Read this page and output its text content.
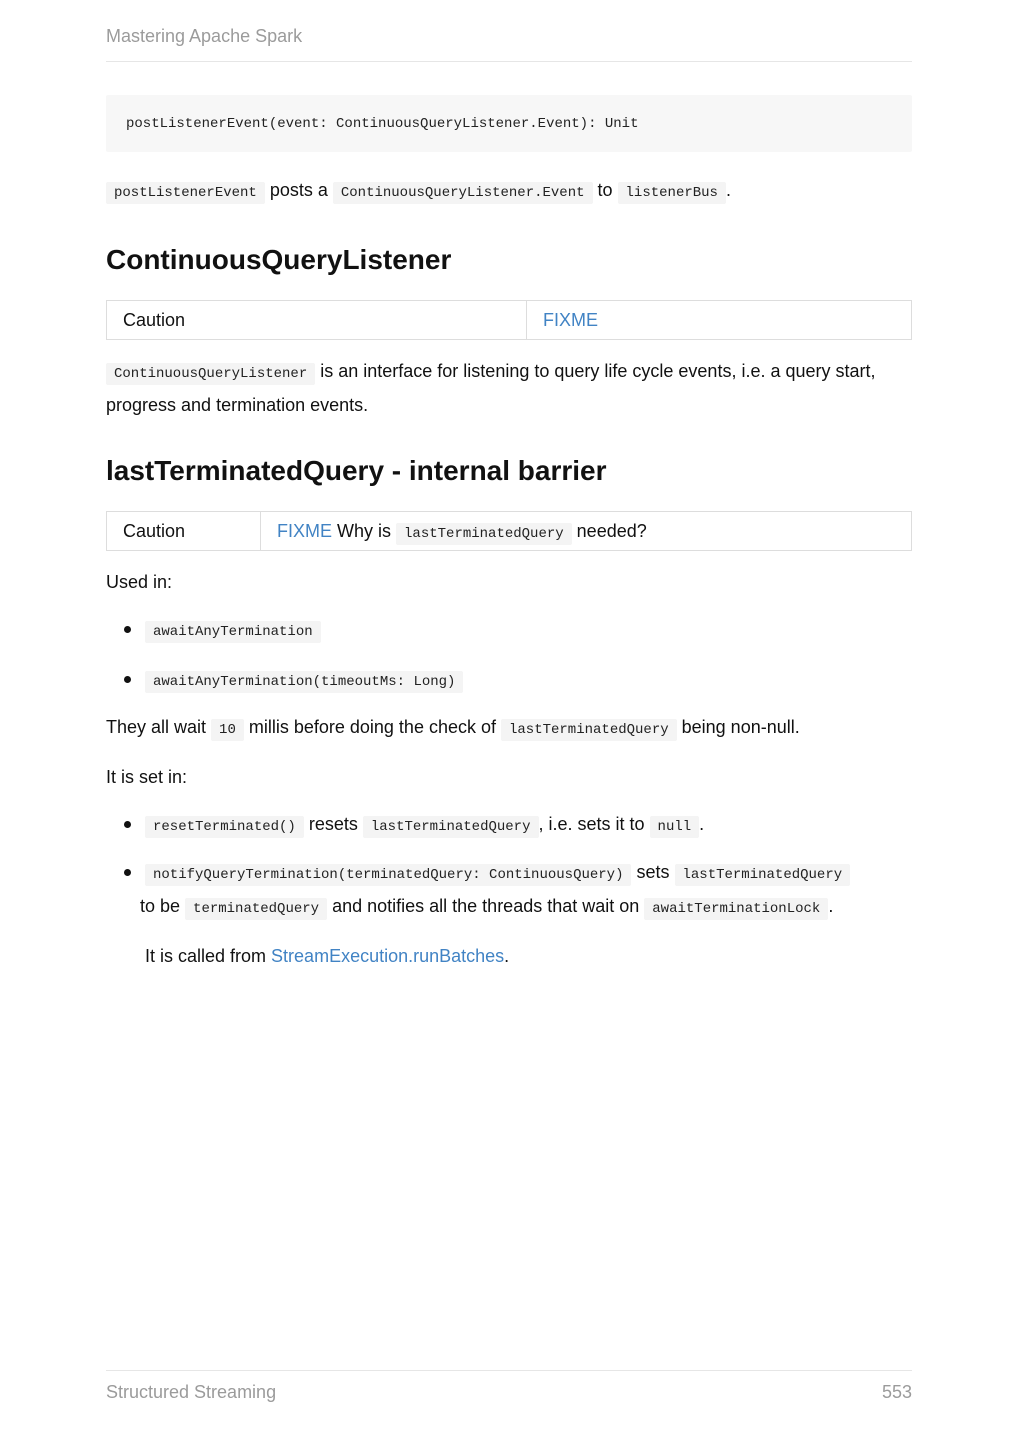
Mastering Apache Spark
postListenerEvent(event: ContinuousQueryListener.Event): Unit

postListenerEvent posts a ContinuousQueryListener.Event to listenerBus .

ContinuousQueryListener
Caution	FIXME

ContinuousQueryListener is an interface for listening to query life cycle events, i.e. a query start, progress and termination events.

lastTerminatedQuery - internal barrier
Caution	FIXME Why is lastTerminatedQuery needed?

Used in:

awaitAnyTermination
awaitAnyTermination(timeoutMs: Long)

They all wait 10 millis before doing the check of lastTerminatedQuery being non-null.

It is set in:

resetTerminated() resets lastTerminatedQuery , i.e. sets it to null .
notifyQueryTermination(terminatedQuery: ContinuousQuery) sets lastTerminatedQuery
to be terminatedQuery and notifies all the threads that wait on awaitTerminationLock .

It is called from StreamExecution.runBatches.

Structured Streaming	553
